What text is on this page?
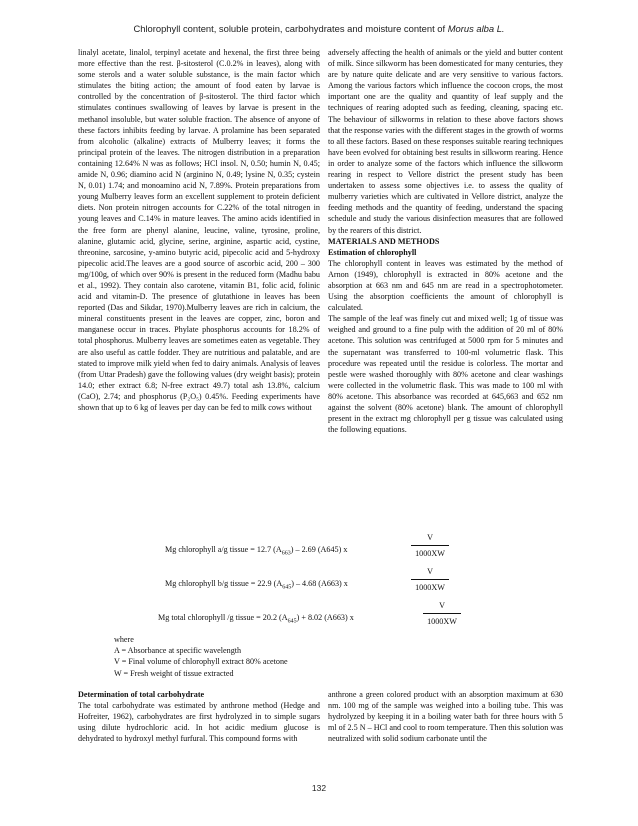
Chlorophyll content, soluble protein, carbohydrates and moisture content of Morus alba L.

linalyl acetate, linalol, terpinyl acetate and hexenal, the first three being more effective than the rest. β-sitosterol (C.0.2% in leaves), along with some sterols and a water soluble substance, is the main factor which stimulates the biting action; the amount of food eaten by larvae is controlled by the concentration of β-sitosterol. The third factor which stimulates continues swallowing of leaves by larvae is present in the methanol insoluble, but water soluble fraction. The absence of anyone of these factors inhibits feeding by larvae. A prolamine has been separated from alcoholic (alkaline) extracts of Mulberry leaves; it forms the principal protein of the leaves. The nitrogen distribution in a preparation containing 12.64% N was as follows; HCl insol. N, 0.50; humin N, 0.45; amide N, 0.96; diamino acid N (arginino N, 0.49; lysine N, 0.35; cystein N, 0.01) 1.74; and monoamino acid N, 7.89%. Protein preparations from young Mulberry leaves form an excellent supplement to protein deficient diets. Non protein nitrogen accounts for C.22% of the total nitrogen in young leaves and C.14% in mature leaves. The amino acids identified in the free form are phenyl alanine, leucine, valine, tyrosine, proline, alanine, glutamic acid, glycine, serine, arginine, aspartic acid, cystine, threonine, sarcosine, y-amino butyric acid, pipecolic acid and 5-hydroxy pipecolic acid.The leaves are a good source of ascorbic acid, 200 – 300 mg/100g, of which over 90% is present in the reduced form (Madhu babu et al., 1992). They contain also carotene, vitamin B1, folic acid, folinic acid and vitamin-D. The presence of glutathione in leaves has been reported (Das and Sikdar, 1970).Mulberry leaves are rich in calcium, the mineral constituents present in the leaves are copper, zinc, boron and manganese occur in traces. Phylate phosphorus accounts for 18.2% of total phosphorus. Mulberry leaves are sometimes eaten as vegetable. They are also useful as cattle fodder. They are nutritious and palatable, and are stated to improve milk yield when fed to dairy animals. Analysis of leaves (from Uttar Pradesh) gave the following values (dry weight basis); protein 14.0; ether extract 6.8; N-free extract 49.7) total ash 13.8%, calcium (CaO), 2.74; and phosphorus (P₂O₅) 0.45%. Feeding experiments have shown that up to 6 kg of leaves per day can be fed to milk cows without

adversely affecting the health of animals or the yield and butter content of milk. Since silkworm has been domesticated for many centuries, they are by nature quite delicate and are very sensitive to various factors. Among the various factors which influence the cocoon crops, the most important one are the quality and quantity of leaf supply and the techniques of rearing adopted such as feeding, cleaning, spacing etc. The behaviour of silkworms in relation to these above factors shows that the response varies with the different stages in the growth of worms to all these factors. Based on these responses suitable rearing techniques have been evolved for obtaining best results in silkworm rearing. Hence in order to analyze some of the factors which influence the silkworm rearing in respect to Vellore district the present study has been undertaken to assess some objectives i.e. to assess the quality of mulberry varieties which are cultivated in Vellore district, analyze the feeding methods and the quantity of feeding, understand the spacing schedule and study the various disinfection measures that are followed by the rearers of this district.

MATERIALS AND METHODS

Estimation of chlorophyll

The chlorophyll content in leaves was estimated by the method of Arnon (1949), chlorophyll is extracted in 80% acetone and the absorption at 663 nm and 645 nm are read in a spectrophotometer. Using the absorption coefficients the amount of chlorophyll is calculated.

The sample of the leaf was finely cut and mixed well; 1g of tissue was weighed and ground to a fine pulp with the addition of 20 ml of 80% acetone. This solution was centrifuged at 5000 rpm for 5 minutes and the supernatant was transferred to 100-ml volumetric flask. This procedure was repeated until the residue is colorless. The mortar and pestle were washed thoroughly with 80% acetone and clear washings were collected in the volumetric flask. This was made to 100 ml with 80% acetone. This absorbance was recorded at 645,663 and 652 nm against the solvent (80% acetone) blank. The amount of chlorophyll present in the extract mg chlorophyll per g tissue was calculated using the following equations.

V
1000XW
Mg chlorophyll a/g tissue = 12.7 $(A_{663}) - 2.69$ (A645) x
V
1000XW
Mg chlorophyll b/g tissue = 22.9 $(A_{645}) - 4.68$ (A663) x
V
1000XW
Mg total chlorophyll /g tissue = 20.2 $(A_{645}) + 8.02$ (A663) x

where

A = Absorbance at specific wavelength

V = Final volume of chlorophyll extract 80% acetone

W = Fresh weight of tissue extracted

Determination of total carbohydrate

The total carbohydrate was estimated by anthrone method (Hedge and Hofreiter, 1962), carbohydrates are first hydrolyzed in to simple sugars using dilute hydrochloric acid. In hot acidic medium glucose is dehydrated to hydroxyl methyl furfural. This compound forms with

anthrone a green colored product with an absorption maximum at 630 nm. 100 mg of the sample was weighed into a boiling tube. This was hydrolyzed by keeping it in a boiling water bath for three hours with 5 ml of 2.5 N – HCl and cool to room temperature. Then this solution was neutralized with solid sodium carbonate until the

132
